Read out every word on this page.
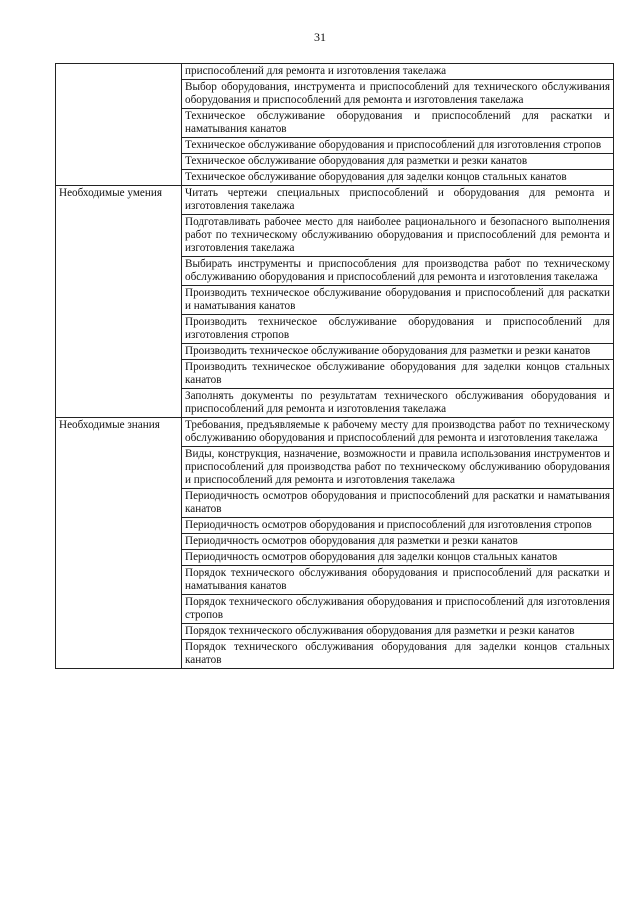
31
	приспособлений для ремонта и изготовления такелажа
	Выбор оборудования, инструмента и приспособлений для технического обслуживания оборудования и приспособлений для ремонта и изготовления такелажа
	Техническое обслуживание оборудования и приспособлений для раскатки и наматывания канатов
	Техническое обслуживание оборудования и приспособлений для изготовления стропов
	Техническое обслуживание оборудования для разметки и резки канатов
	Техническое обслуживание оборудования для заделки концов стальных канатов
Необходимые умения	Читать чертежи специальных приспособлений и оборудования для ремонта и изготовления такелажа
	Подготавливать рабочее место для наиболее рационального и безопасного выполнения работ по техническому обслуживанию оборудования и приспособлений для ремонта и изготовления такелажа
	Выбирать инструменты и приспособления для производства работ по техническому обслуживанию оборудования и приспособлений для ремонта и изготовления такелажа
	Производить техническое обслуживание оборудования и приспособлений для раскатки и наматывания канатов
	Производить техническое обслуживание оборудования и приспособлений для изготовления стропов
	Производить техническое обслуживание оборудования для разметки и резки канатов
	Производить техническое обслуживание оборудования для заделки концов стальных канатов
	Заполнять документы по результатам технического обслуживания оборудования и приспособлений для ремонта и изготовления такелажа
Необходимые знания	Требования, предъявляемые к рабочему месту для производства работ по техническому обслуживанию оборудования и приспособлений для ремонта и изготовления такелажа
	Виды, конструкция, назначение, возможности и правила использования инструментов и приспособлений для производства работ по техническому обслуживанию оборудования и приспособлений для ремонта и изготовления такелажа
	Периодичность осмотров оборудования и приспособлений для раскатки и наматывания канатов
	Периодичность осмотров оборудования и приспособлений для изготовления стропов
	Периодичность осмотров оборудования для разметки и резки канатов
	Периодичность осмотров оборудования для заделки концов стальных канатов
	Порядок технического обслуживания оборудования и приспособлений для раскатки и наматывания канатов
	Порядок технического обслуживания оборудования и приспособлений для изготовления стропов
	Порядок технического обслуживания оборудования для разметки и резки канатов
	Порядок технического обслуживания оборудования для заделки концов стальных канатов
